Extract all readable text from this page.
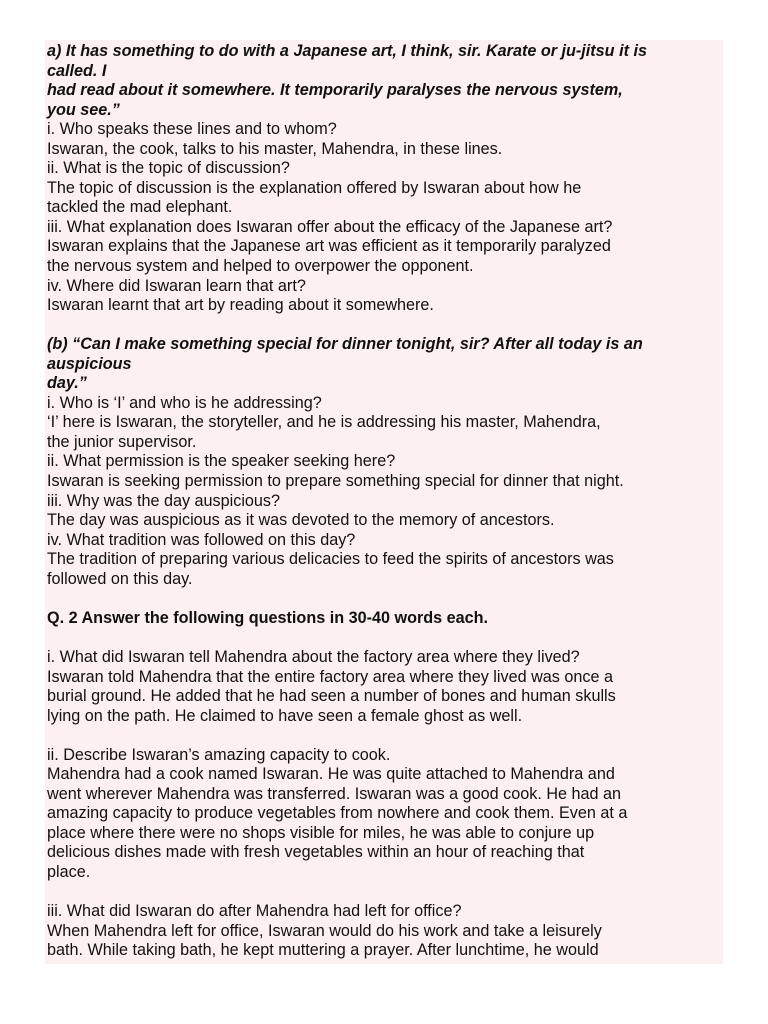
a) It has something to do with a Japanese art, I think, sir. Karate or ju-jitsu it is
called. I
had read about it somewhere. It temporarily paralyses the nervous system,
you see.”
i. Who speaks these lines and to whom?
Iswaran, the cook, talks to his master, Mahendra, in these lines.
ii. What is the topic of discussion?
The topic of discussion is the explanation offered by Iswaran about how he
tackled the mad elephant.
iii. What explanation does Iswaran offer about the efficacy of the Japanese art?
Iswaran explains that the Japanese art was efficient as it temporarily paralyzed
the nervous system and helped to overpower the opponent.
iv. Where did Iswaran learn that art?
Iswaran learnt that art by reading about it somewhere.
(b) “Can I make something special for dinner tonight, sir? After all today is an
auspicious
day.”
i. Who is ‘I’ and who is he addressing?
‘I’ here is Iswaran, the storyteller, and he is addressing his master, Mahendra,
the junior supervisor.
ii. What permission is the speaker seeking here?
Iswaran is seeking permission to prepare something special for dinner that night.
iii. Why was the day auspicious?
The day was auspicious as it was devoted to the memory of ancestors.
iv. What tradition was followed on this day?
The tradition of preparing various delicacies to feed the spirits of ancestors was
followed on this day.
Q. 2 Answer the following questions in 30-40 words each.
i. What did Iswaran tell Mahendra about the factory area where they lived?
Iswaran told Mahendra that the entire factory area where they lived was once a
burial ground. He added that he had seen a number of bones and human skulls
lying on the path. He claimed to have seen a female ghost as well.
ii. Describe Iswaran’s amazing capacity to cook.
Mahendra had a cook named Iswaran. He was quite attached to Mahendra and
went wherever Mahendra was transferred. Iswaran was a good cook. He had an
amazing capacity to produce vegetables from nowhere and cook them. Even at a
place where there were no shops visible for miles, he was able to conjure up
delicious dishes made with fresh vegetables within an hour of reaching that
place.
iii. What did Iswaran do after Mahendra had left for office?
When Mahendra left for office, Iswaran would do his work and take a leisurely
bath. While taking bath, he kept muttering a prayer. After lunchtime, he would
